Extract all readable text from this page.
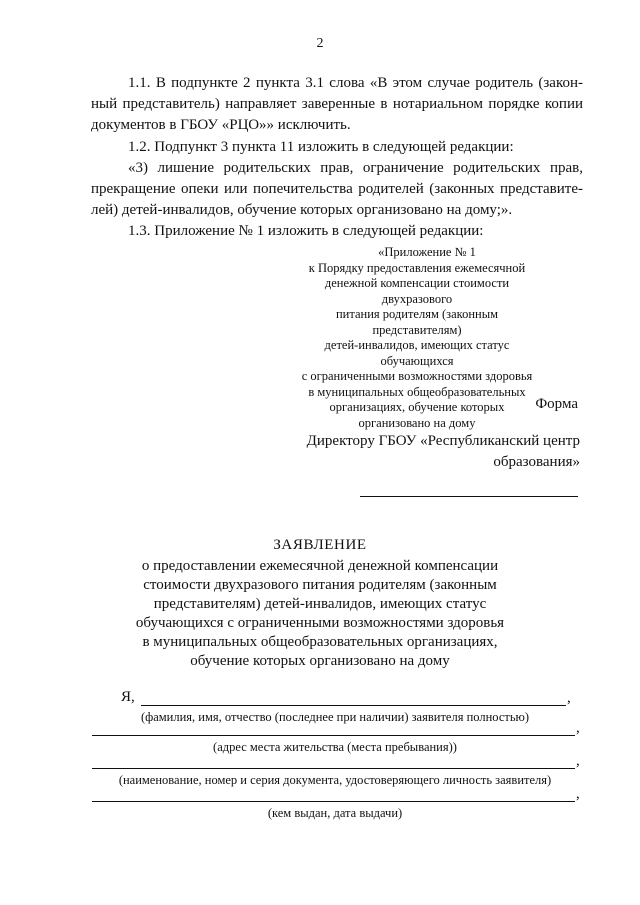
2
1.1. В подпункте 2 пункта 3.1 слова «В этом случае родитель (закон-
ный представитель) направляет заверенные в нотариальном порядке копии
документов в ГБОУ «РЦО»» исключить.
1.2. Подпункт 3 пункта 11 изложить в следующей редакции:
«3) лишение родительских прав, ограничение родительских прав,
прекращение опеки или попечительства родителей (законных представите-
лей) детей-инвалидов, обучение которых организовано на дому;».
1.3. Приложение № 1 изложить в следующей редакции:
«Приложение № 1
к Порядку предоставления ежемесячной
денежной компенсации стоимости двухразового
питания родителям (законным представителям)
детей-инвалидов, имеющих статус обучающихся
с ограниченными возможностями здоровья
в муниципальных общеобразовательных
организациях, обучение которых
организовано на дому
Форма
Директору ГБОУ «Республиканский центр
образования»
ЗАЯВЛЕНИЕ
о предоставлении ежемесячной денежной компенсации
стоимости двухразового питания родителям (законным
представителям) детей-инвалидов, имеющих статус
обучающихся с ограниченными возможностями здоровья
в муниципальных общеобразовательных организациях,
обучение которых организовано на дому
Я,	,
(фамилия, имя, отчество (последнее при наличии) заявителя полностью)
,
(адрес места жительства (места пребывания))
,
(наименование, номер и серия документа, удостоверяющего личность заявителя)
,
(кем выдан, дата выдачи)
